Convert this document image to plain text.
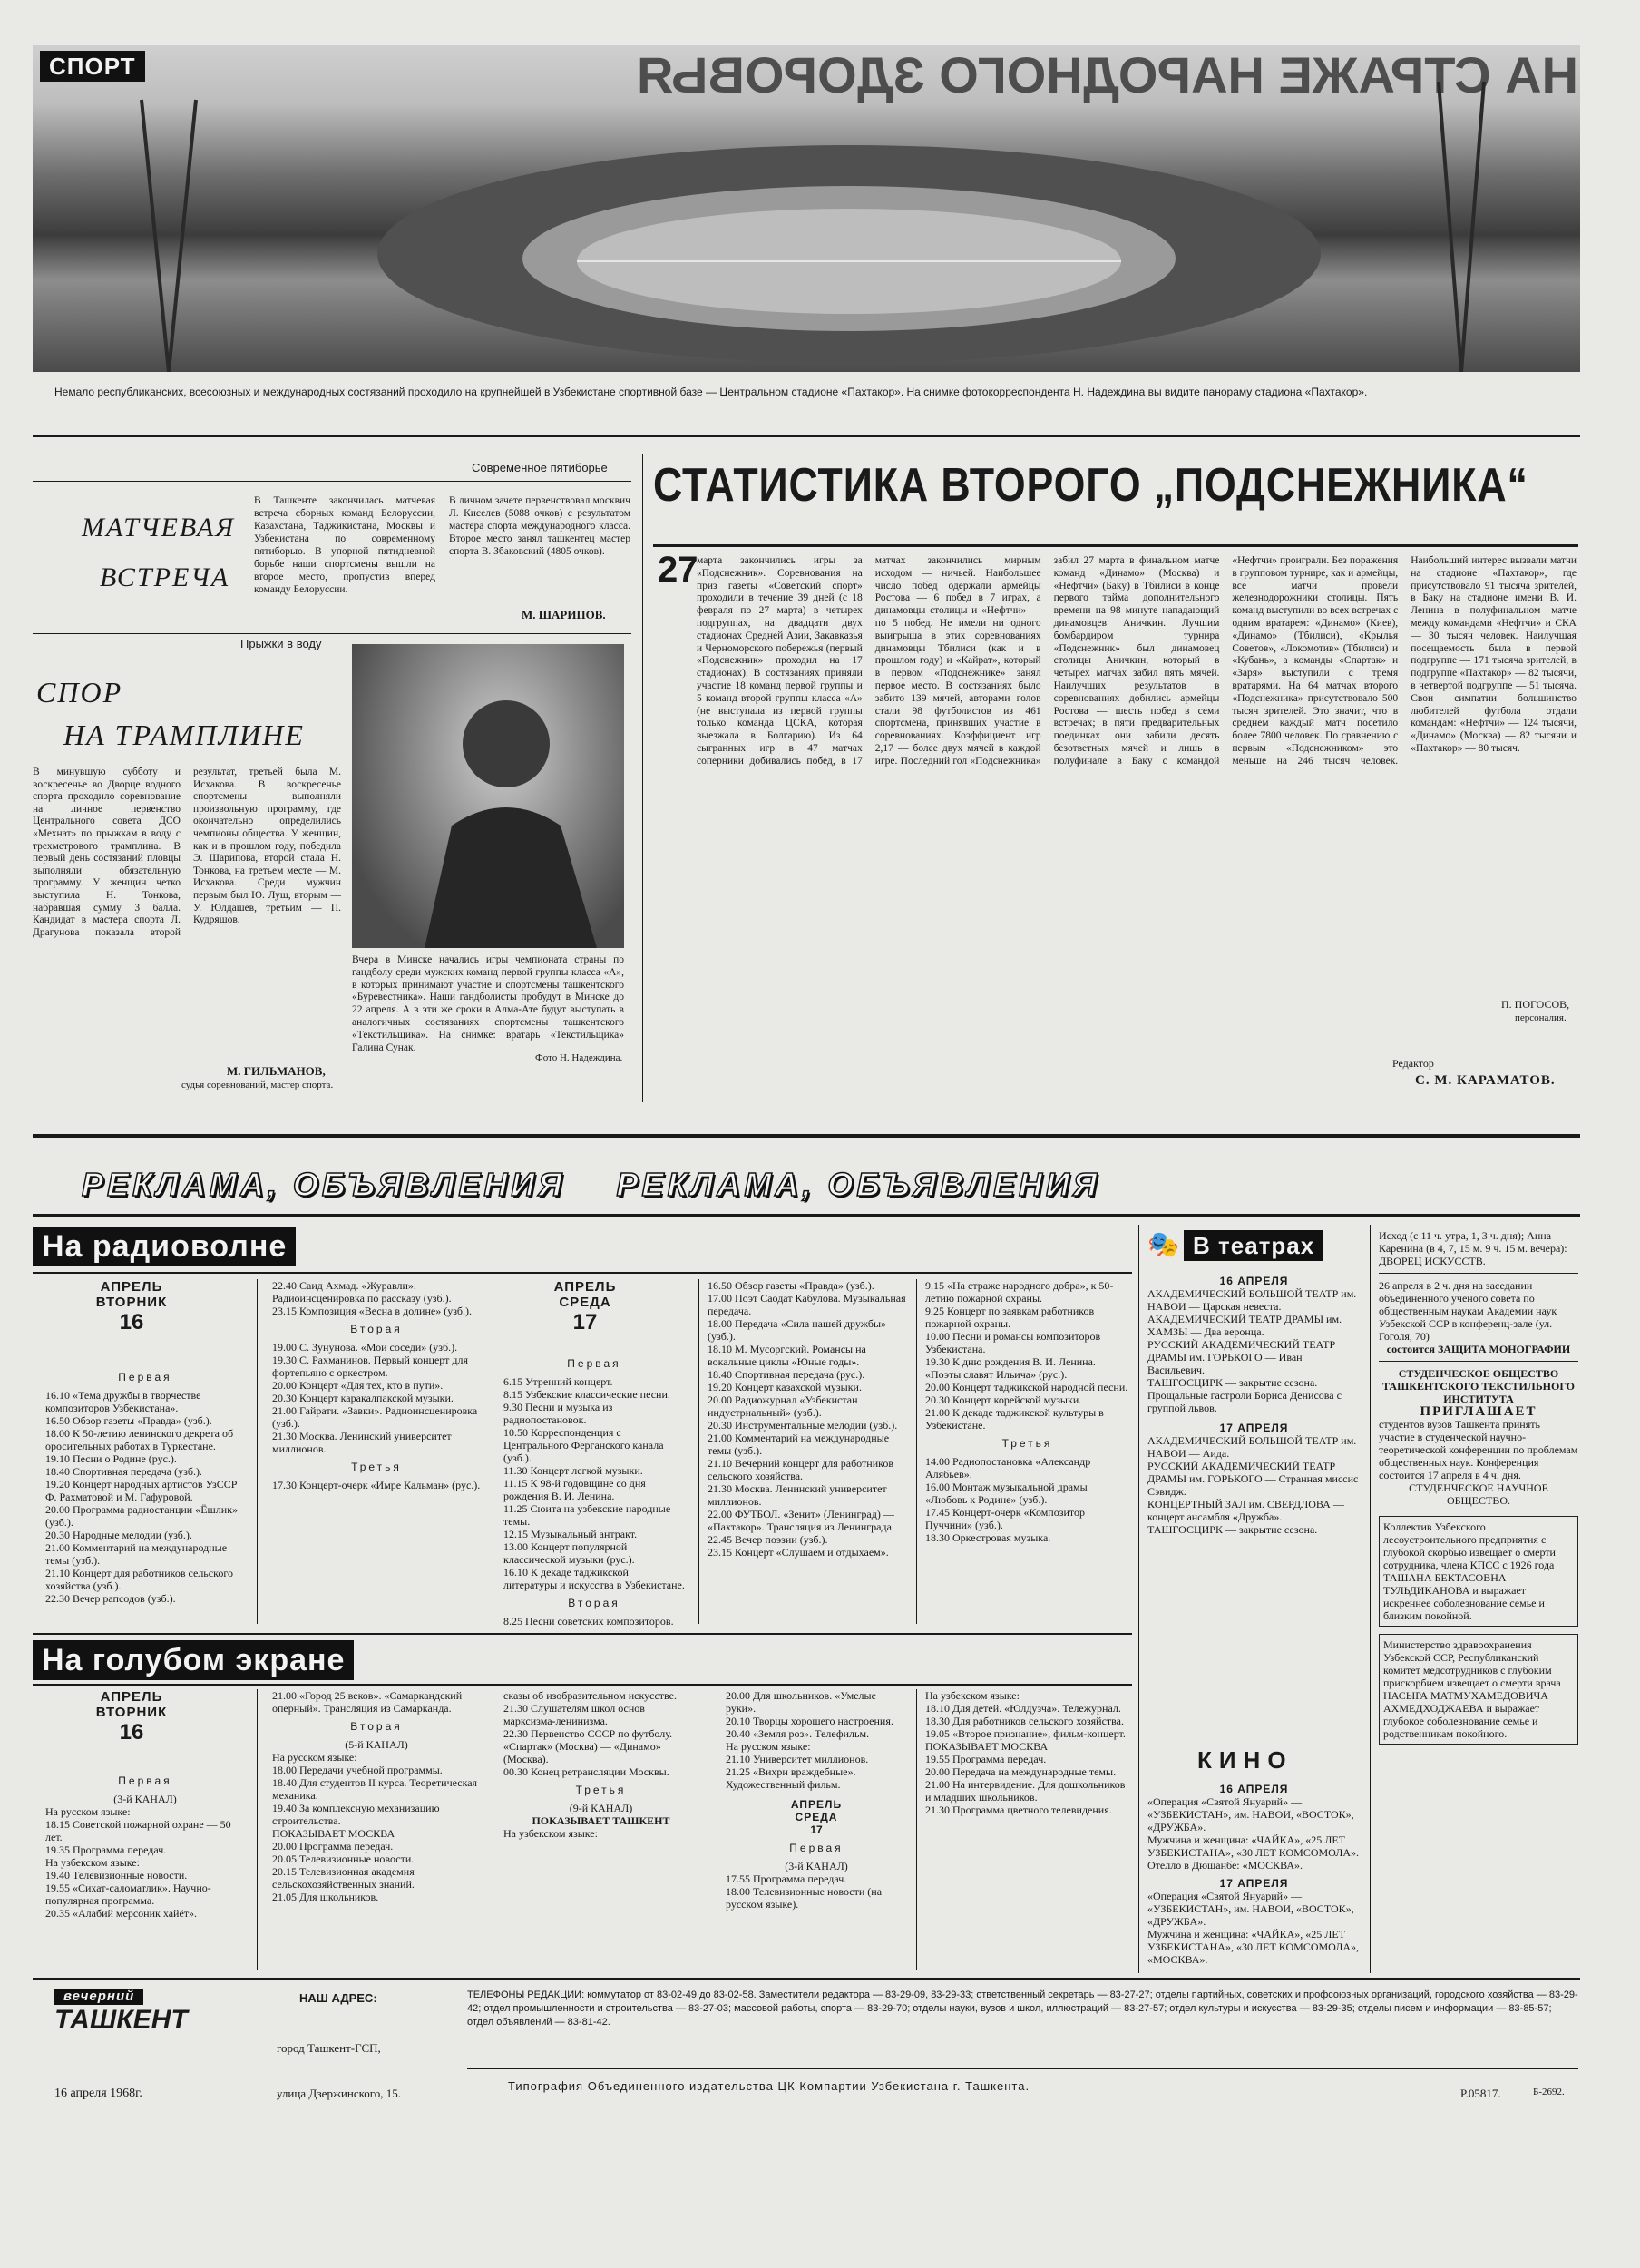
СПОРТ	НА СТРАЖЕ НАРОДНОГО ЗДОРОВЬЯ
Немало республиканских, всесоюзных и международных состязаний проходило на крупнейшей в Узбекистане спортивной базе — Центральном стадионе «Пахтакор». На снимке фотокорреспондента Н. Надеждина вы видите панораму стадиона «Пахтакор».
Современное пятиборье
МАТЧЕВАЯ
ВСТРЕЧА
В Ташкенте закончилась матчевая встреча сборных команд Белоруссии, Казахстана, Таджикистана, Москвы и Узбекистана по современному пятиборью. В упорной пятидневной борьбе наши спортсмены вышли на второе место, пропустив вперед команду Белоруссии.
В личном зачете первенствовал москвич Л. Киселев (5088 очков) с результатом мастера спорта международного класса. Второе место занял ташкентец мастер спорта В. Збаковский (4805 очков).
М. ШАРИПОВ.
Прыжки в воду
СПОР
НА ТРАМПЛИНЕ
В минувшую субботу и воскресенье во Дворце водного спорта проходило соревнование на личное первенство Центрального совета ДСО «Мехнат» по прыжкам в воду с трехметрового трамплина. В первый день состязаний пловцы выполняли обязательную программу. У женщин четко выступила Н. Тонкова, набравшая сумму 3 балла. Кандидат в мастера спорта Л. Драгунова показала второй результат, третьей была М. Исхакова. В воскресенье спортсмены выполняли произвольную программу, где окончательно определились чемпионы общества. У женщин, как и в прошлом году, победила Э. Шарипова, второй стала Н. Тонкова, на третьем месте — М. Исхакова. Среди мужчин первым был Ю. Луш, вторым — У. Юлдашев, третьим — П. Кудряшов.
М. ГИЛЬМАНОВ,
судья соревнований, мастер спорта.
Вчера в Минске начались игры чемпионата страны по гандболу среди мужских команд первой группы класса «А», в которых принимают участие и спортсмены ташкентского «Буревестника». Наши гандболисты пробудут в Минске до 22 апреля. А в эти же сроки в Алма-Ате будут выступать в аналогичных состязаниях спортсмены ташкентского «Текстильщика». На снимке: вратарь «Текстильщика» Галина Сунак.
Фото Н. Надеждина.
СТАТИСТИКА ВТОРОГО „ПОДСНЕЖНИКА“
27
марта закончились игры за «Подснежник». Соревнования на приз газеты «Советский спорт» проходили в течение 39 дней (с 18 февраля по 27 марта) в четырех подгруппах, на двадцати двух стадионах Средней Азии, Закавказья и Черноморского побережья (первый «Подснежник» проходил на 17 стадионах). В состязаниях приняли участие 18 команд первой группы и 5 команд второй группы класса «А» (не выступала из первой группы только команда ЦСКА, которая выезжала в Болгарию). Из 64 сыгранных игр в 47 матчах соперники добивались побед, в 17 матчах закончились мирным исходом — ничьей. Наибольшее число побед одержали армейцы Ростова — 6 побед в 7 играх, а динамовцы столицы и «Нефтчи» — по 5 побед. Не имели ни одного выигрыша в этих соревнованиях динамовцы Тбилиси (как и в прошлом году) и «Кайрат», который в первом «Подснежнике» занял первое место. В состязаниях было забито 139 мячей, авторами голов стали 98 футболистов из 461 спортсмена, принявших участие в соревнованиях. Коэффициент игр 2,17 — более двух мячей в каждой игре. Последний гол «Подснежника» забил 27 марта в финальном матче команд «Динамо» (Москва) и «Нефтчи» (Баку) в Тбилиси в конце первого тайма дополнительного времени на 98 минуте нападающий динамовцев Аничкин. Лучшим бомбардиром турнира «Подснежник» был динамовец столицы Аничкин, который в четырех матчах забил пять мячей. Наилучших результатов в соревнованиях добились армейцы Ростова — шесть побед в семи встречах; в пяти предварительных поединках они забили десять безответных мячей и лишь в полуфинале в Баку с командой «Нефтчи» проиграли. Без поражения в групповом турнире, как и армейцы, все матчи провели железнодорожники столицы. Пять команд выступили во всех встречах с одним вратарем: «Динамо» (Киев), «Динамо» (Тбилиси), «Крылья Советов», «Локомотив» (Тбилиси) и «Кубань», а команды «Спартак» и «Заря» выступили с тремя вратарями. На 64 матчах второго «Подснежника» присутствовало 500 тысяч зрителей. Это значит, что в среднем каждый матч посетило более 7800 человек. По сравнению с первым «Подснежником» это меньше на 246 тысяч человек. Наибольший интерес вызвали матчи на стадионе «Пахтакор», где присутствовало 91 тысяча зрителей, в Баку на стадионе имени В. И. Ленина в полуфинальном матче между командами «Нефтчи» и СКА — 30 тысяч человек. Наилучшая посещаемость была в первой подгруппе — 171 тысяча зрителей, в подгруппе «Пахтакор» — 82 тысячи, в четвертой подгруппе — 51 тысяча. Свои симпатии большинство любителей футбола отдали командам: «Нефтчи» — 124 тысячи, «Динамо» (Москва) — 82 тысячи и «Пахтакор» — 80 тысяч.
П. ПОГОСОВ,
персоналия.
Редактор
С. М. КАРАМАТОВ.
РЕКЛАМА, ОБЪЯВЛЕНИЯ    РЕКЛАМА, ОБЪЯВЛЕНИЯ
На радиоволне
АПРЕЛЬ
ВТОРНИК
16
АПРЕЛЬ
СРЕДА
17
Первая
16.10 «Тема дружбы в творчестве композиторов Узбекистана».
16.50 Обзор газеты «Правда» (узб.).
18.00 К 50-летию ленинского декрета об оросительных работах в Туркестане.
19.10 Песни о Родине (рус.).
18.40 Спортивная передача (узб.).
19.20 Концерт народных артистов УзССР Ф. Рахматовой и М. Гафуровой.
20.00 Программа радиостанции «Ёшлик» (узб.).
20.30 Народные мелодии (узб.).
21.00 Комментарий на международные темы (узб.).
21.10 Концерт для работников сельского хозяйства (узб.).
22.30 Вечер рапсодов (узб.).
22.40 Саид Ахмад. «Журавли». Радиоинсценировка по рассказу (узб.).
23.15 Композиция «Весна в долине» (узб.).
Вторая
19.00 С. Зунунова. «Мои соседи» (узб.).
19.30 С. Рахманинов. Первый концерт для фортепьяно с оркестром.
20.00 Концерт «Для тех, кто в пути».
20.30 Концерт каракалпакской музыки.
21.00 Гайрати. «Завки». Радиоинсценировка (узб.).
21.30 Москва. Ленинский университет миллионов.
Третья
17.30 Концерт-очерк «Имре Кальман» (рус.).
Первая
6.15 Утренний концерт.
8.15 Узбекские классические песни.
9.30 Песни и музыка из радиопостановок.
10.50 Корреспонденция с Центрального Ферганского канала (узб.).
11.30 Концерт легкой музыки.
11.15 К 98-й годовщине со дня рождения В. И. Ленина.
11.25 Сюита на узбекские народные темы.
12.15 Музыкальный антракт.
13.00 Концерт популярной классической музыки (рус.).
16.10 К декаде таджикской литературы и искусства в Узбекистане.
Вторая
8.25 Песни советских композиторов.
16.50 Обзор газеты «Правда» (узб.).
17.00 Поэт Саодат Кабулова. Музыкальная передача.
18.00 Передача «Сила нашей дружбы» (узб.).
18.10 М. Мусоргский. Романсы на вокальные циклы «Юные годы».
18.40 Спортивная передача (рус.).
19.20 Концерт казахской музыки.
20.00 Радиожурнал «Узбекистан индустриальный» (узб.).
20.30 Инструментальные мелодии (узб.).
21.00 Комментарий на международные темы (узб.).
21.10 Вечерний концерт для работников сельского хозяйства.
21.30 Москва. Ленинский университет миллионов.
22.00 ФУТБОЛ. «Зенит» (Ленинград) — «Пахтакор». Трансляция из Ленинграда.
22.45 Вечер поэзии (узб.).
23.15 Концерт «Слушаем и отдыхаем».
9.15 «На страже народного добра», к 50-летию пожарной охраны.
9.25 Концерт по заявкам работников пожарной охраны.
10.00 Песни и романсы композиторов Узбекистана.
19.30 К дню рождения В. И. Ленина. «Поэты славят Ильича» (рус.).
20.00 Концерт таджикской народной песни.
20.30 Концерт корейской музыки.
21.00 К декаде таджикской культуры в Узбекистане.
Третья
14.00 Радиопостановка «Александр Алябьев».
16.00 Монтаж музыкальной драмы «Любовь к Родине» (узб.).
17.45 Концерт-очерк «Композитор Пуччини» (узб.).
18.30 Оркестровая музыка.
На голубом экране
АПРЕЛЬ
ВТОРНИК
16
Первая
(3-й КАНАЛ)
На русском языке:
18.15 Советской пожарной охране — 50 лет.
19.35 Программа передач.
На узбекском языке:
19.40 Телевизионные новости.
19.55 «Сихат-саломатлик». Научно-популярная программа.
20.35 «Алабий мерсоник хайёт».
21.00 «Город 25 веков». «Самаркандский оперный». Трансляция из Самарканда.
Вторая
(5-й КАНАЛ)
На русском языке:
18.00 Передачи учебной программы.
18.40 Для студентов II курса. Теоретическая механика.
19.40 За комплексную механизацию строительства.
ПОКАЗЫВАЕТ МОСКВА
20.00 Программа передач.
20.05 Телевизионные новости.
20.15 Телевизионная академия сельскохозяйственных знаний.
21.05 Для школьников.
сказы об изобразительном искусстве.
21.30 Слушателям школ основ марксизма-ленинизма.
22.30 Первенство СССР по футболу. «Спартак» (Москва) — «Динамо» (Москва).
00.30 Конец ретрансляции Москвы.
Третья
(9-й КАНАЛ)
ПОКАЗЫВАЕТ ТАШКЕНТ
На узбекском языке:
20.00 Для школьников. «Умелые руки».
20.10 Творцы хорошего настроения.
20.40 «Земля роз». Телефильм.
На русском языке:
21.10 Университет миллионов.
21.25 «Вихри враждебные». Художественный фильм.
АПРЕЛЬ
СРЕДА
17
Первая
(3-й КАНАЛ)
17.55 Программа передач.
18.00 Телевизионные новости (на русском языке).
На узбекском языке:
18.10 Для детей. «Юлдузча». Тележурнал.
18.30 Для работников сельского хозяйства.
19.05 «Второе признание», фильм-концерт.
ПОКАЗЫВАЕТ МОСКВА
19.55 Программа передач.
20.00 Передача на международные темы.
21.00 На интервидение. Для дошкольников и младших школьников.
21.30 Программа цветного телевидения.
🎭 В театрах
16 АПРЕЛЯ
АКАДЕМИЧЕСКИЙ БОЛЬШОЙ ТЕАТР им. НАВОИ — Царская невеста.
АКАДЕМИЧЕСКИЙ ТЕАТР ДРАМЫ им. ХАМЗЫ — Два веронца.
РУССКИЙ АКАДЕМИЧЕСКИЙ ТЕАТР ДРАМЫ им. ГОРЬКОГО — Иван Васильевич.
ТАШГОСЦИРК — закрытие сезона. Прощальные гастроли Бориса Денисова с группой львов.
17 АПРЕЛЯ
АКАДЕМИЧЕСКИЙ БОЛЬШОЙ ТЕАТР им. НАВОИ — Аида.
РУССКИЙ АКАДЕМИЧЕСКИЙ ТЕАТР ДРАМЫ им. ГОРЬКОГО — Странная миссис Сэвидж.
КОНЦЕРТНЫЙ ЗАЛ им. СВЕРДЛОВА — концерт ансамбля «Дружба».
ТАШГОСЦИРК — закрытие сезона.
КИНО
16 АПРЕЛЯ
«Операция «Святой Януарий» — «УЗБЕКИСТАН», им. НАВОИ, «ВОСТОК», «ДРУЖБА».
Мужчина и женщина: «ЧАЙКА», «25 ЛЕТ УЗБЕКИСТАНА», «30 ЛЕТ КОМСОМОЛА».
Отелло в Дюшанбе: «МОСКВА».
17 АПРЕЛЯ
«Операция «Святой Януарий» — «УЗБЕКИСТАН», им. НАВОИ, «ВОСТОК», «ДРУЖБА».
Мужчина и женщина: «ЧАЙКА», «25 ЛЕТ УЗБЕКИСТАНА», «30 ЛЕТ КОМСОМОЛА», «МОСКВА».
Исход (с 11 ч. утра, 1, 3 ч. дня); Анна Каренина (в 4, 7, 15 м. 9 ч. 15 м. вечера): ДВОРЕЦ ИСКУССТВ.
26 апреля в 2 ч. дня на заседании объединенного ученого совета по общественным наукам Академии наук Узбекской ССР в конференц-зале (ул. Гоголя, 70)
состоится ЗАЩИТА МОНОГРАФИИ
СТУДЕНЧЕСКОЕ ОБЩЕСТВО ТАШКЕНТСКОГО ТЕКСТИЛЬНОГО ИНСТИТУТА
ПРИГЛАШАЕТ
студентов вузов Ташкента принять участие в студенческой научно-теоретической конференции по проблемам общественных наук. Конференция состоится 17 апреля в 4 ч. дня.
СТУДЕНЧЕСКОЕ НАУЧНОЕ ОБЩЕСТВО.
Коллектив Узбекского лесоустроительного предприятия с глубокой скорбью извещает о смерти сотрудника, члена КПСС с 1926 года ТАШАНА БЕКТАСОВНА ТУЛЬДИКАНОВА и выражает искреннее соболезнование семье и близким покойной.
Министерство здравоохранения Узбекской ССР, Республиканский комитет медсотрудников с глубоким прискорбием извещает о смерти врача НАСЫРА МАТМУХАМЕДОВИЧА АХМЕДХОДЖАЕВА и выражает глубокое соболезнование семье и родственникам покойного.
вечерний
ТАШКЕНТ
16 апреля 1968г.
НАШ АДРЕС:
город Ташкент-ГСП,
улица Дзержинского, 15.
ТЕЛЕФОНЫ РЕДАКЦИИ: коммутатор от 83-02-49 до 83-02-58. Заместители редактора — 83-29-09, 83-29-33; ответственный секретарь — 83-27-27; отделы партийных, советских и профсоюзных организаций, городского хозяйства — 83-29-42; отдел промышленности и строительства — 83-27-03; массовой работы, спорта — 83-29-70; отделы науки, вузов и школ, иллюстраций — 83-27-57; отдел культуры и искусства — 83-29-35; отделы писем и информации — 83-85-57; отдел объявлений — 83-81-42.
Типография Объединенного издательства ЦК Компартии Узбекистана г. Ташкента.
Р.05817.	Б-2692.
